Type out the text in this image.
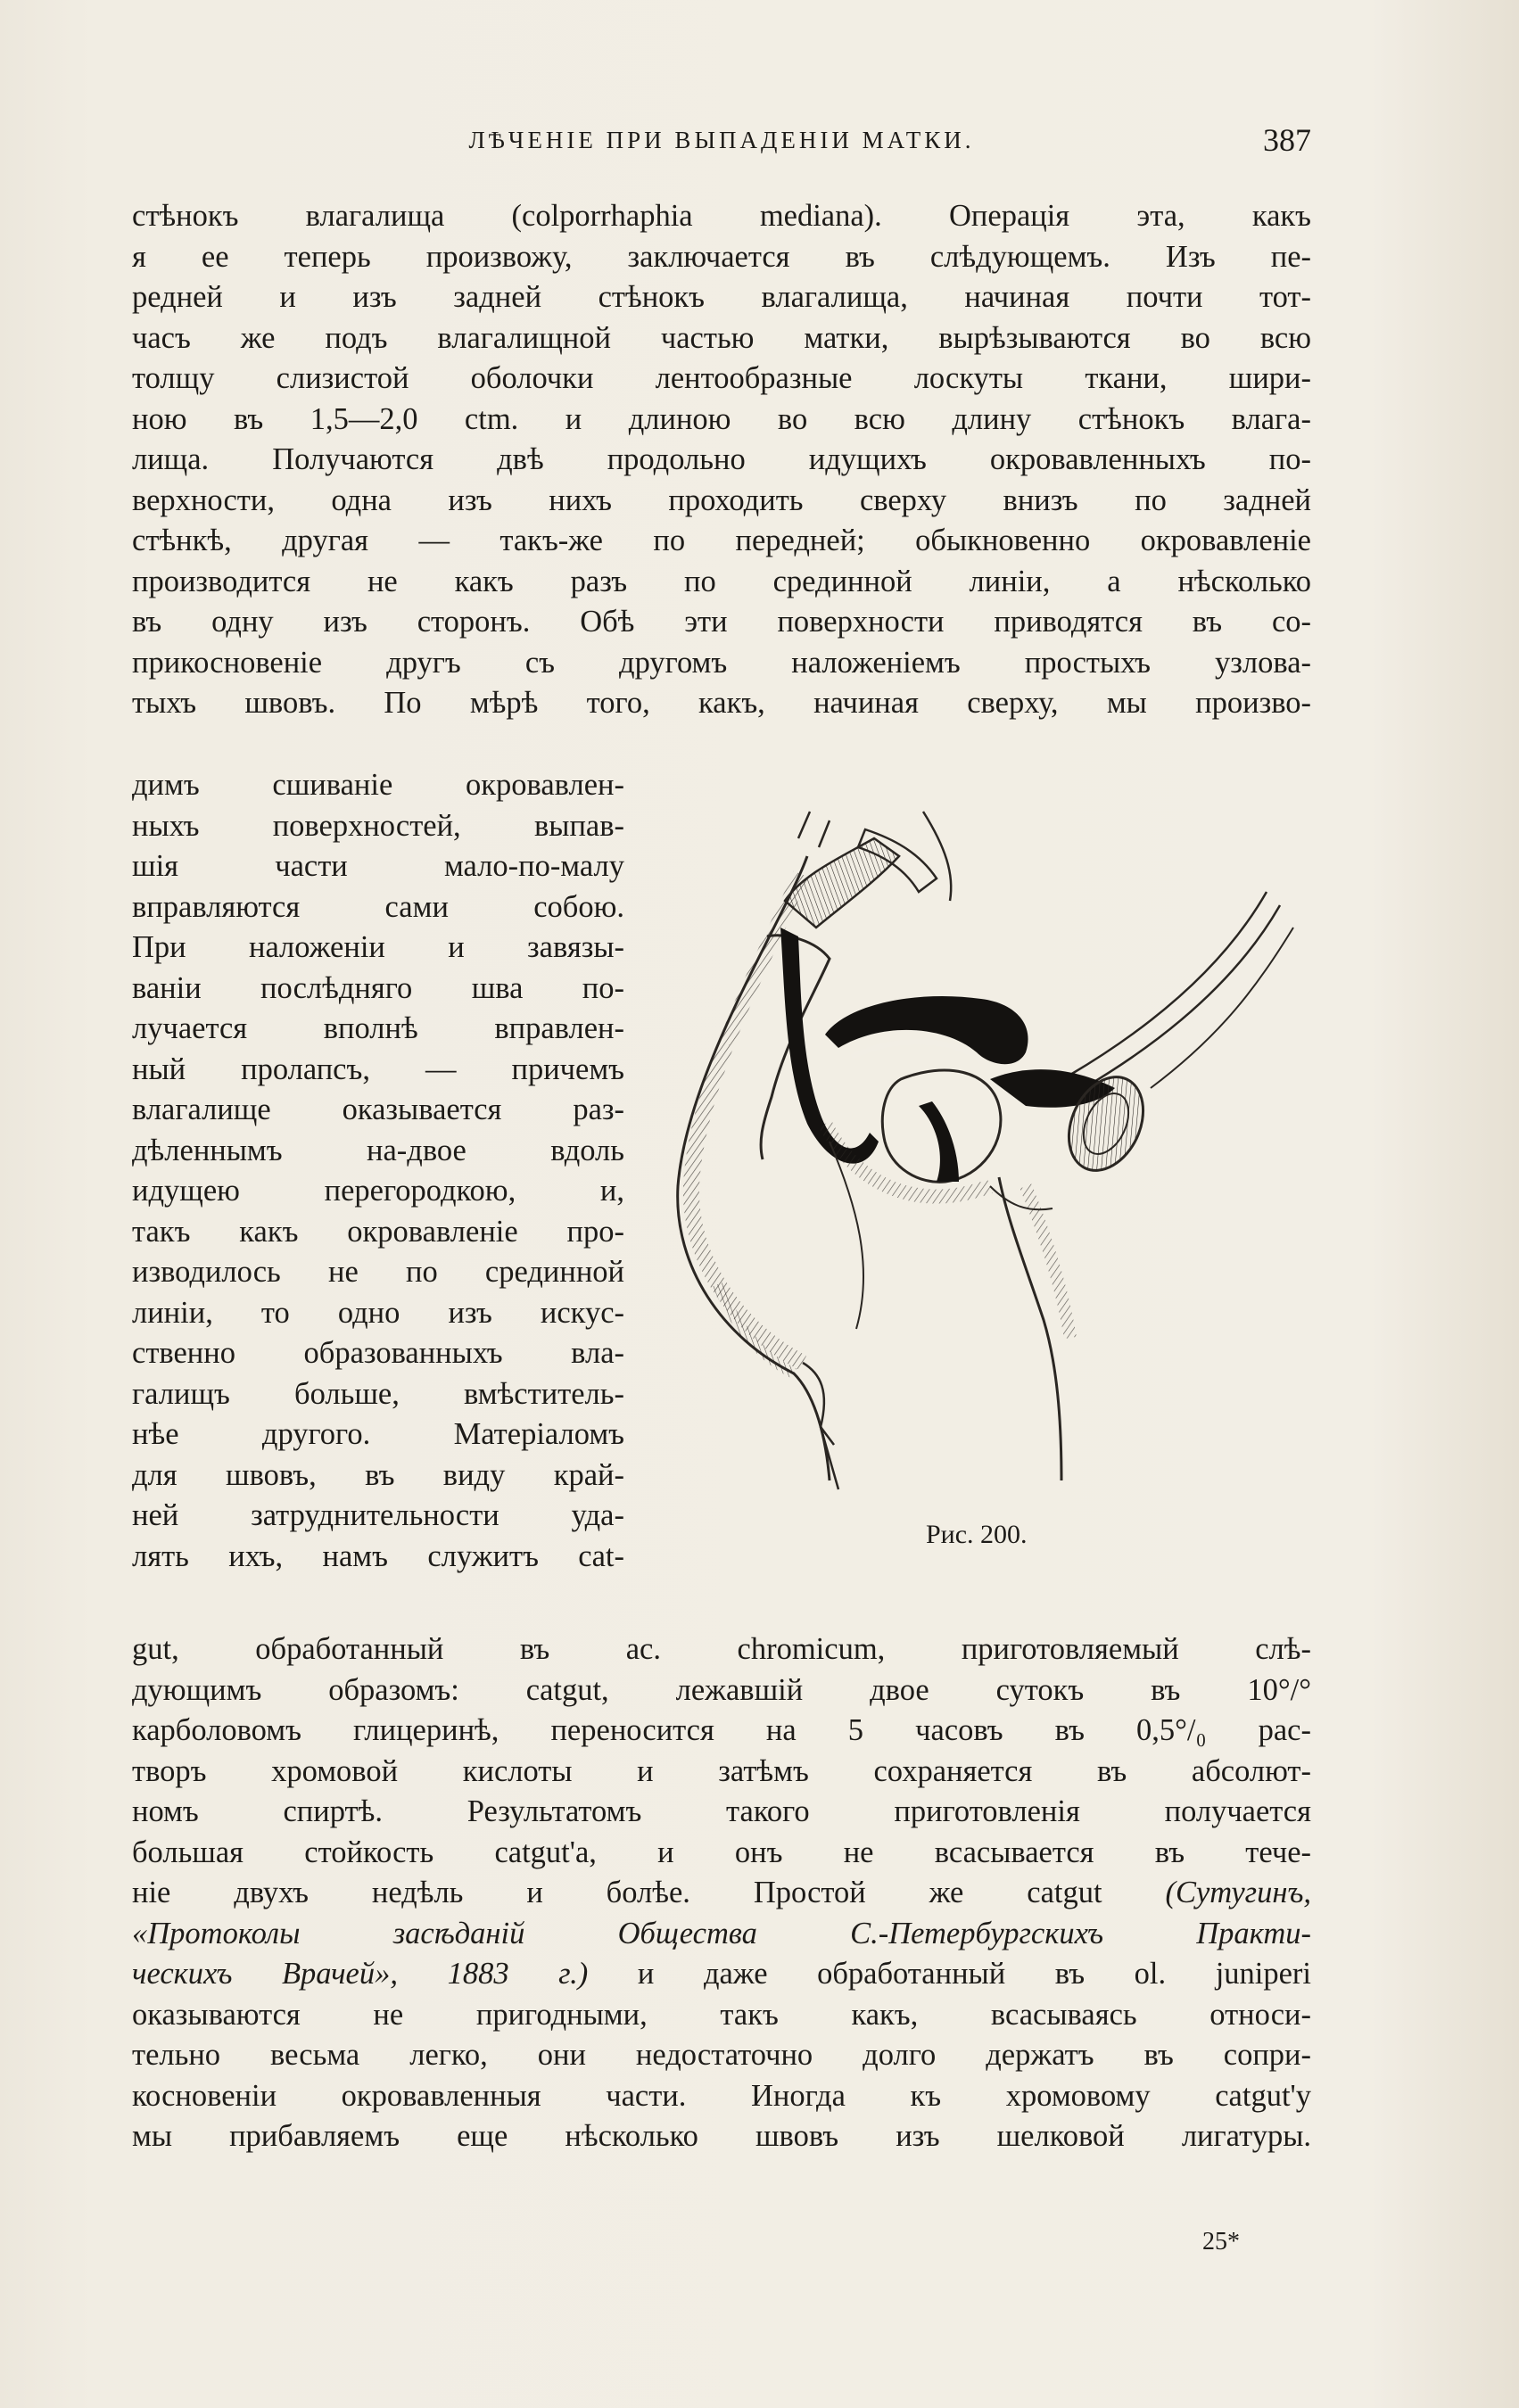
ЛѢЧЕНІЕ ПРИ ВЫПАДЕНІИ МАТКИ.	387
стѣнокъ влагалища (colporrhaphia mediana). Операція эта, какъ
я ее теперь произвожу, заключается въ слѣдующемъ. Изъ пе-
редней и изъ задней стѣнокъ влагалища, начиная почти тот-
часъ же подъ влагалищной частью матки, вырѣзываются во всю
толщу слизистой оболочки лентообразные лоскуты ткани, шири-
ною въ 1,5—2,0 ctm. и длиною во всю длину стѣнокъ влага-
лища. Получаются двѣ продольно идущихъ окровавленныхъ по-
верхности, одна изъ нихъ проходить сверху внизъ по задней
стѣнкѣ, другая — такъ-же по передней; обыкновенно окровавленіе
производится не какъ разъ по срединной линіи, а нѣсколько
въ одну изъ сторонъ. Обѣ эти поверхности приводятся въ со-
прикосновеніе другъ съ другомъ наложеніемъ простыхъ узлова-
тыхъ швовъ. По мѣрѣ того, какъ, начиная сверху, мы произво-
димъ сшиваніе окровавлен-
ныхъ поверхностей, выпав-
шія части мало-по-малу
вправляются сами собою.
При наложеніи и завязы-
ваніи послѣдняго шва по-
лучается вполнѣ вправлен-
ный пролапсъ, — причемъ
влагалище оказывается раз-
дѣленнымъ на-двое вдоль
идущею перегородкою, и,
такъ какъ окровавленіе про-
изводилось не по срединной
линіи, то одно изъ искус-
ственно образованныхъ вла-
галищъ больше, вмѣститель-
нѣе другого. Матеріаломъ
для швовъ, въ виду край-
ней затруднительности уда-
лять ихъ, намъ служитъ cat-
Рис. 200.
gut, обработанный въ ac. chromicum, приготовляемый слѣ-
дующимъ образомъ: catgut, лежавшій двое сутокъ въ 10°/°
карболовомъ глицеринѣ, переносится на 5 часовъ въ 0,5°/₀ рас-
творъ хромовой кислоты и затѣмъ сохраняется въ абсолют-
номъ спиртѣ. Результатомъ такого приготовленія получается
большая стойкость catgut'а, и онъ не всасывается въ тече-
ніе двухъ недѣль и болѣе. Простой же catgut (Сутугинъ,
«Протоколы засѣданій Общества С.-Петербургскихъ Практи-
ческихъ Врачей», 1883 г.) и даже обработанный въ ol. juniperi
оказываются не пригодными, такъ какъ, всасываясь относи-
тельно весьма легко, они недостаточно долго держатъ въ сопри-
косновеніи окровавленныя части. Иногда къ хромовому catgut'у
мы прибавляемъ еще нѣсколько швовъ изъ шелковой лигатуры.
25*
